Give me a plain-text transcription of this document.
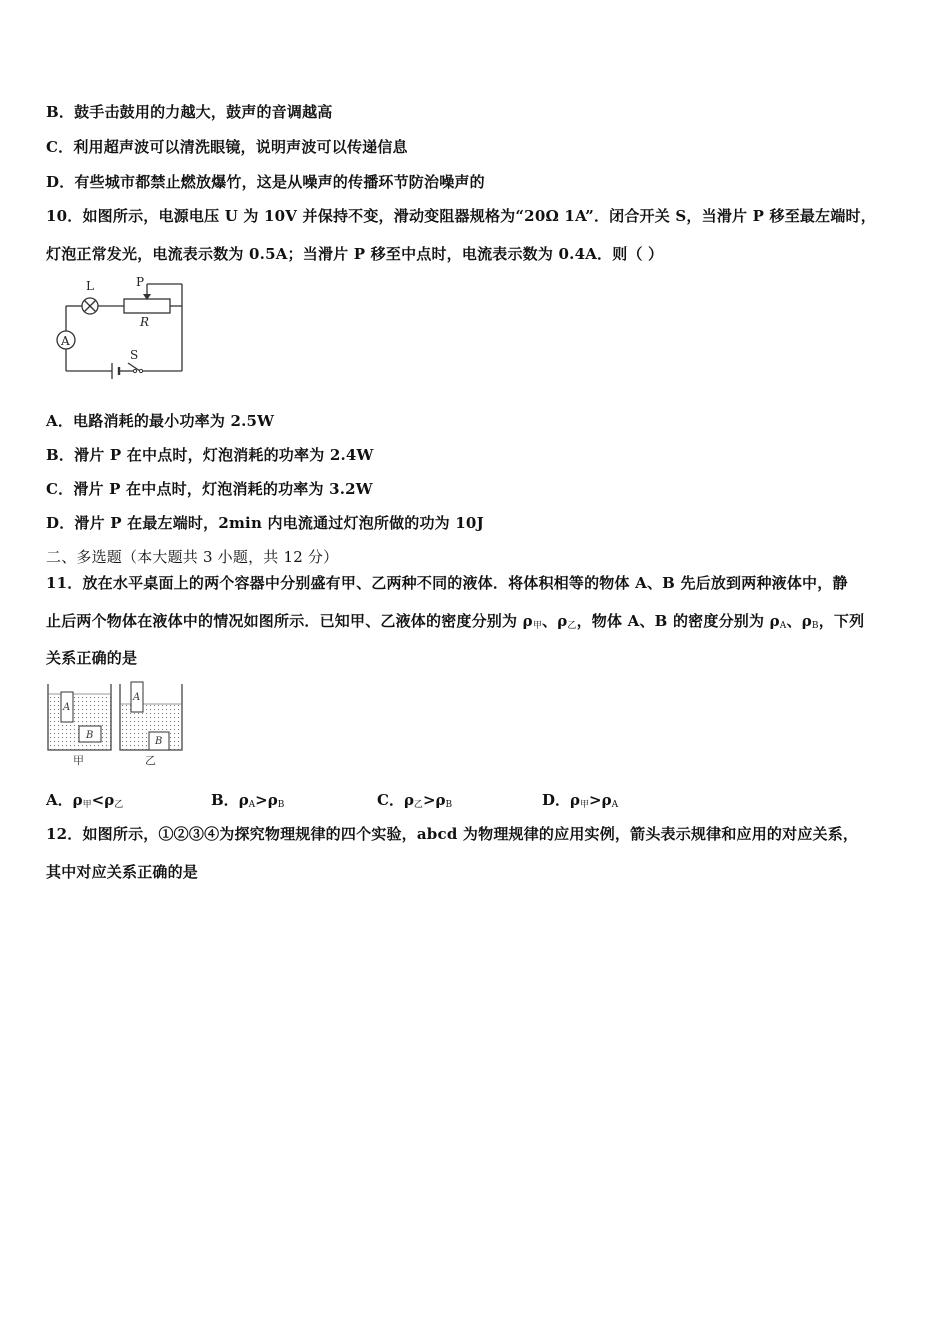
B．鼓手击鼓用的力越大，鼓声的音调越高
C．利用超声波可以清洗眼镜，说明声波可以传递信息
D．有些城市都禁止燃放爆竹，这是从噪声的传播环节防治噪声的
10．如图所示，电源电压 U 为 10V 并保持不变，滑动变阻器规格为“20Ω 1A”．闭合开关 S，当滑片 P 移至最左端时，
灯泡正常发光，电流表示数为 0.5A；当滑片 P 移至中点时，电流表示数为 0.4A．则（ ）
L	P
R
A
S
A．电路消耗的最小功率为 2.5W
B．滑片 P 在中点时，灯泡消耗的功率为 2.4W
C．滑片 P 在中点时，灯泡消耗的功率为 3.2W
D．滑片 P 在最左端时，2min 内电流通过灯泡所做的功为 10J
二、多选题（本大题共 3 小题，共 12 分）
11．放在水平桌面上的两个容器中分别盛有甲、乙两种不同的液体．将体积相等的物体 A、B 先后放到两种液体中，静
止后两个物体在液体中的情况如图所示．已知甲、乙液体的密度分别为 $\rho_甲$、$\rho_乙$，物体 A、B 的密度分别为 $\rho_A$、$\rho_B$，下列
关系正确的是
A
A
B
B
甲	乙
A．$\rho_甲<\rho_乙$	B．$\rho_A>\rho_B$	C．$\rho_乙>\rho_B$	D．$\rho_甲>\rho_A$
12．如图所示，①②③④为探究物理规律的四个实验，abcd 为物理规律的应用实例，箭头表示规律和应用的对应关系，
其中对应关系正确的是
